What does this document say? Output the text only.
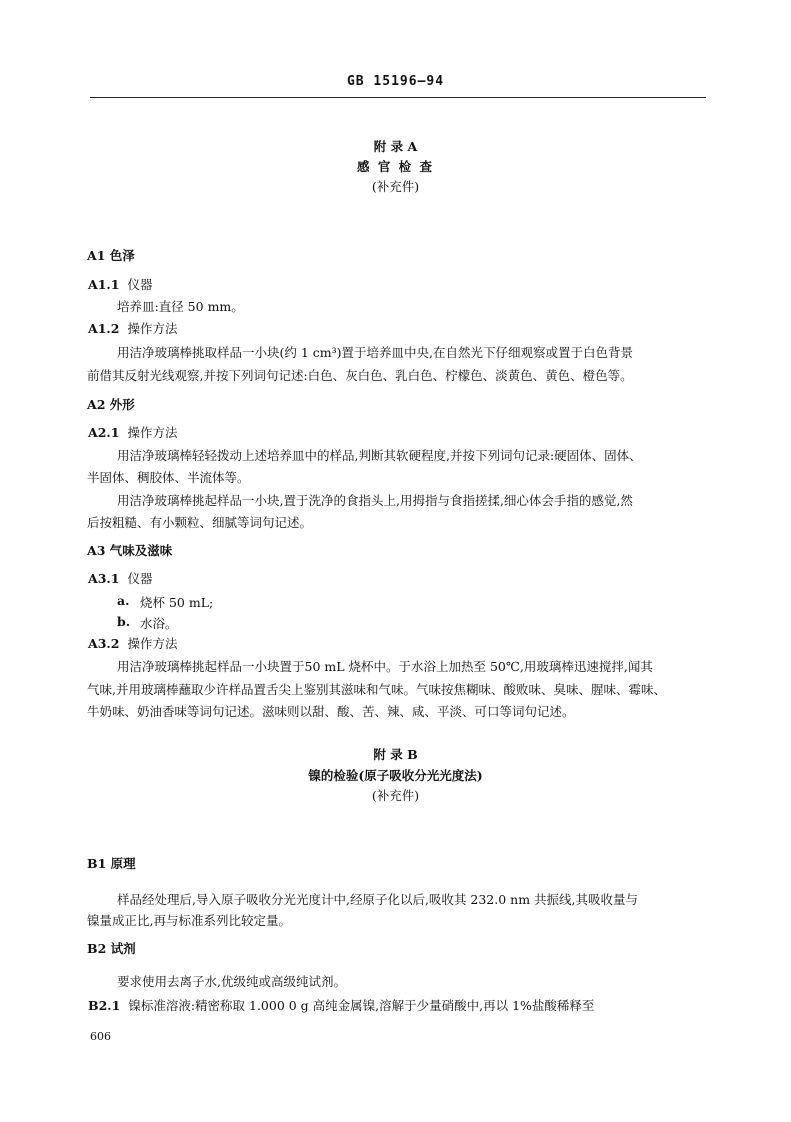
GB 15196—94
附 录 A
感 官 检 查
(补充件)
A1 色泽
A1.1 仪器
培养皿:直径 50 mm。
A1.2 操作方法
用洁净玻璃棒挑取样品一小块(约 1 cm³)置于培养皿中央,在自然光下仔细观察或置于白色背景
前借其反射光线观察,并按下列词句记述:白色、灰白色、乳白色、柠檬色、淡黄色、黄色、橙色等。
A2 外形
A2.1 操作方法
用洁净玻璃棒轻轻拨动上述培养皿中的样品,判断其软硬程度,并按下列词句记录:硬固体、固体、
半固体、稠胶体、半流体等。
用洁净玻璃棒挑起样品一小块,置于洗净的食指头上,用拇指与食指搓揉,细心体会手指的感觉,然
后按粗糙、有小颗粒、细腻等词句记述。
A3 气味及滋味
A3.1 仪器
a. 烧杯 50 mL;
b. 水浴。
A3.2 操作方法
用洁净玻璃棒挑起样品一小块置于50 mL 烧杯中。于水浴上加热至 50℃,用玻璃棒迅速搅拌,闻其
气味,并用玻璃棒蘸取少许样品置舌尖上鉴别其滋味和气味。气味按焦糊味、酸败味、臭味、腥味、霉味、
牛奶味、奶油香味等词句记述。滋味则以甜、酸、苦、辣、咸、平淡、可口等词句记述。
附 录 B
镍的检验(原子吸收分光光度法)
(补充件)
B1 原理
样品经处理后,导入原子吸收分光光度计中,经原子化以后,吸收其 232.0 nm 共振线,其吸收量与
镍量成正比,再与标准系列比较定量。
B2 试剂
要求使用去离子水,优级纯或高级纯试剂。
B2.1 镍标准溶液:精密称取 1.000 0 g 高纯金属镍,溶解于少量硝酸中,再以 1%盐酸稀释至
606
